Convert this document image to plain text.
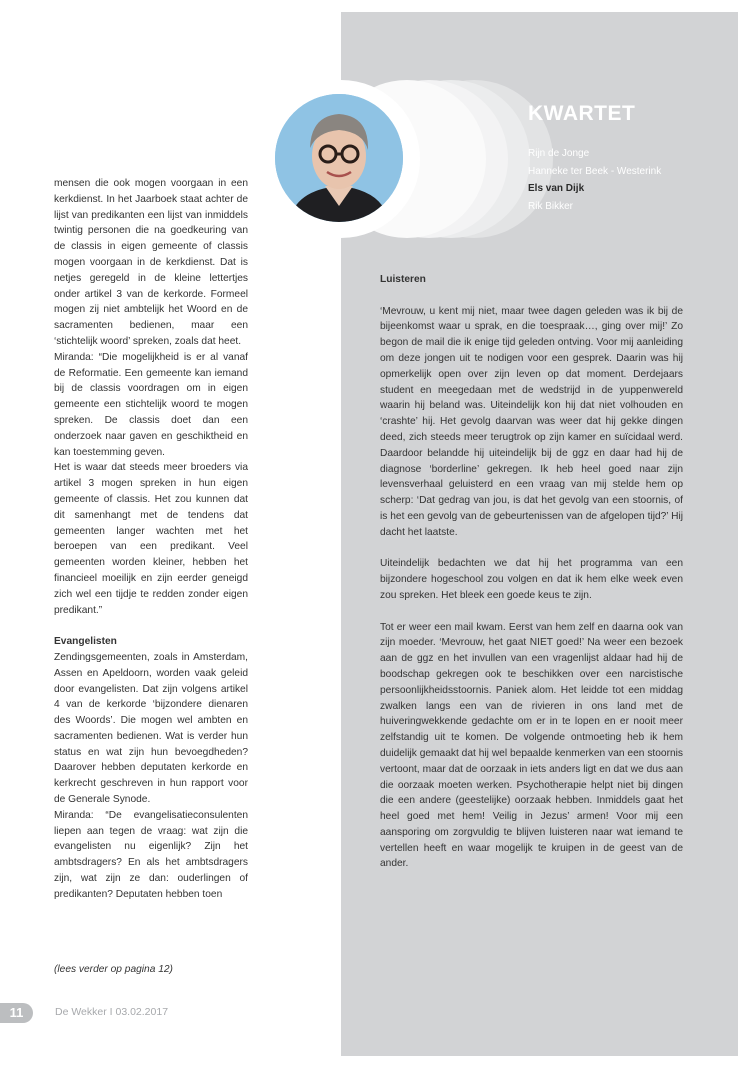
KWARTET
Rijn de Jonge
Hanneke ter Beek - Westerink
Els van Dijk
Rik Bikker

mensen die ook mogen voorgaan in een kerkdienst. In het Jaarboek staat achter de lijst van predikanten een lijst van inmiddels twintig personen die na goedkeuring van de classis in eigen gemeente of classis mogen voorgaan in de kerkdienst. Dat is netjes geregeld in de kleine lettertjes onder artikel 3 van de kerkorde. Formeel mogen zij niet ambtelijk het Woord en de sacramenten bedienen, maar een ‘stichtelijk woord’ spreken, zoals dat heet.

Miranda: “Die mogelijkheid is er al vanaf de Reformatie. Een gemeente kan iemand bij de classis voordragen om in eigen gemeente een stichtelijk woord te mogen spreken. De classis doet dan een onderzoek naar gaven en geschiktheid en kan toestemming geven.

Het is waar dat steeds meer broeders via artikel 3 mogen spreken in hun eigen gemeente of classis. Het zou kunnen dat dit samenhangt met de tendens dat gemeenten langer wachten met het beroepen van een predikant. Veel gemeenten worden kleiner, hebben het financieel moeilijk en zijn eerder geneigd zich wel een tijdje te redden zonder eigen predikant.”

Evangelisten

Zendingsgemeenten, zoals in Amsterdam, Assen en Apeldoorn, worden vaak geleid door evangelisten. Dat zijn volgens artikel 4 van de kerkorde ‘bijzondere dienaren des Woords’. Die mogen wel ambten en sacramenten bedienen. Wat is verder hun status en wat zijn hun bevoegdheden? Daarover hebben deputaten kerkorde en kerkrecht geschreven in hun rapport voor de Generale Synode.

Miranda: “De evangelisatieconsulenten liepen aan tegen de vraag: wat zijn die evangelisten nu eigenlijk? Zijn het ambtsdragers? En als het ambtsdragers zijn, wat zijn ze dan: ouderlingen of predikanten? Deputaten hebben toen

(lees verder op pagina 12)

Luisteren

‘Mevrouw, u kent mij niet, maar twee dagen geleden was ik bij de bijeenkomst waar u sprak, en die toespraak…, ging over mij!’ Zo begon de mail die ik enige tijd geleden ontving. Voor mij aanleiding om deze jongen uit te nodigen voor een gesprek. Daarin was hij opmerkelijk open over zijn leven op dat moment. Derdejaars student en meegedaan met de wedstrijd in de yuppenwereld waarin hij beland was. Uiteindelijk kon hij dat niet volhouden en ‘crashte’ hij. Het gevolg daarvan was weer dat hij gekke dingen deed, zich steeds meer terugtrok op zijn kamer en suïcidaal werd. Daardoor belandde hij uiteindelijk bij de ggz en daar had hij de diagnose ‘borderline’ gekregen. Ik heb heel goed naar zijn levensverhaal geluisterd en een vraag van mij stelde hem op scherp: ‘Dat gedrag van jou, is dat het gevolg van een stoornis, of is het een gevolg van de gebeurtenissen van de afgelopen tijd?’ Hij dacht het laatste.

Uiteindelijk bedachten we dat hij het programma van een bijzondere hogeschool zou volgen en dat ik hem elke week even zou spreken. Het bleek een goede keus te zijn.

Tot er weer een mail kwam. Eerst van hem zelf en daarna ook van zijn moeder. ‘Mevrouw, het gaat NIET goed!’ Na weer een bezoek aan de ggz en het invullen van een vragenlijst aldaar had hij de boodschap gekregen ook te beschikken over een narcistische persoonlijkheidsstoornis. Paniek alom. Het leidde tot een middag zwalken langs een van de rivieren in ons land met de huiveringwekkende gedachte om er in te lopen en er nooit meer zelfstandig uit te komen. De volgende ontmoeting heb ik hem duidelijk gemaakt dat hij wel bepaalde kenmerken van een stoornis vertoont, maar dat de oorzaak in iets anders ligt en dat we dus aan die oorzaak moeten werken. Psychotherapie helpt niet bij dingen die een andere (geestelijke) oorzaak hebben. Inmiddels gaat het heel goed met hem! Veilig in Jezus’ armen! Voor mij een aansporing om zorgvuldig te blijven luisteren naar wat iemand te vertellen heeft en waar mogelijk te kruipen in de geest van de ander.

11	De Wekker I 03.02.2017
